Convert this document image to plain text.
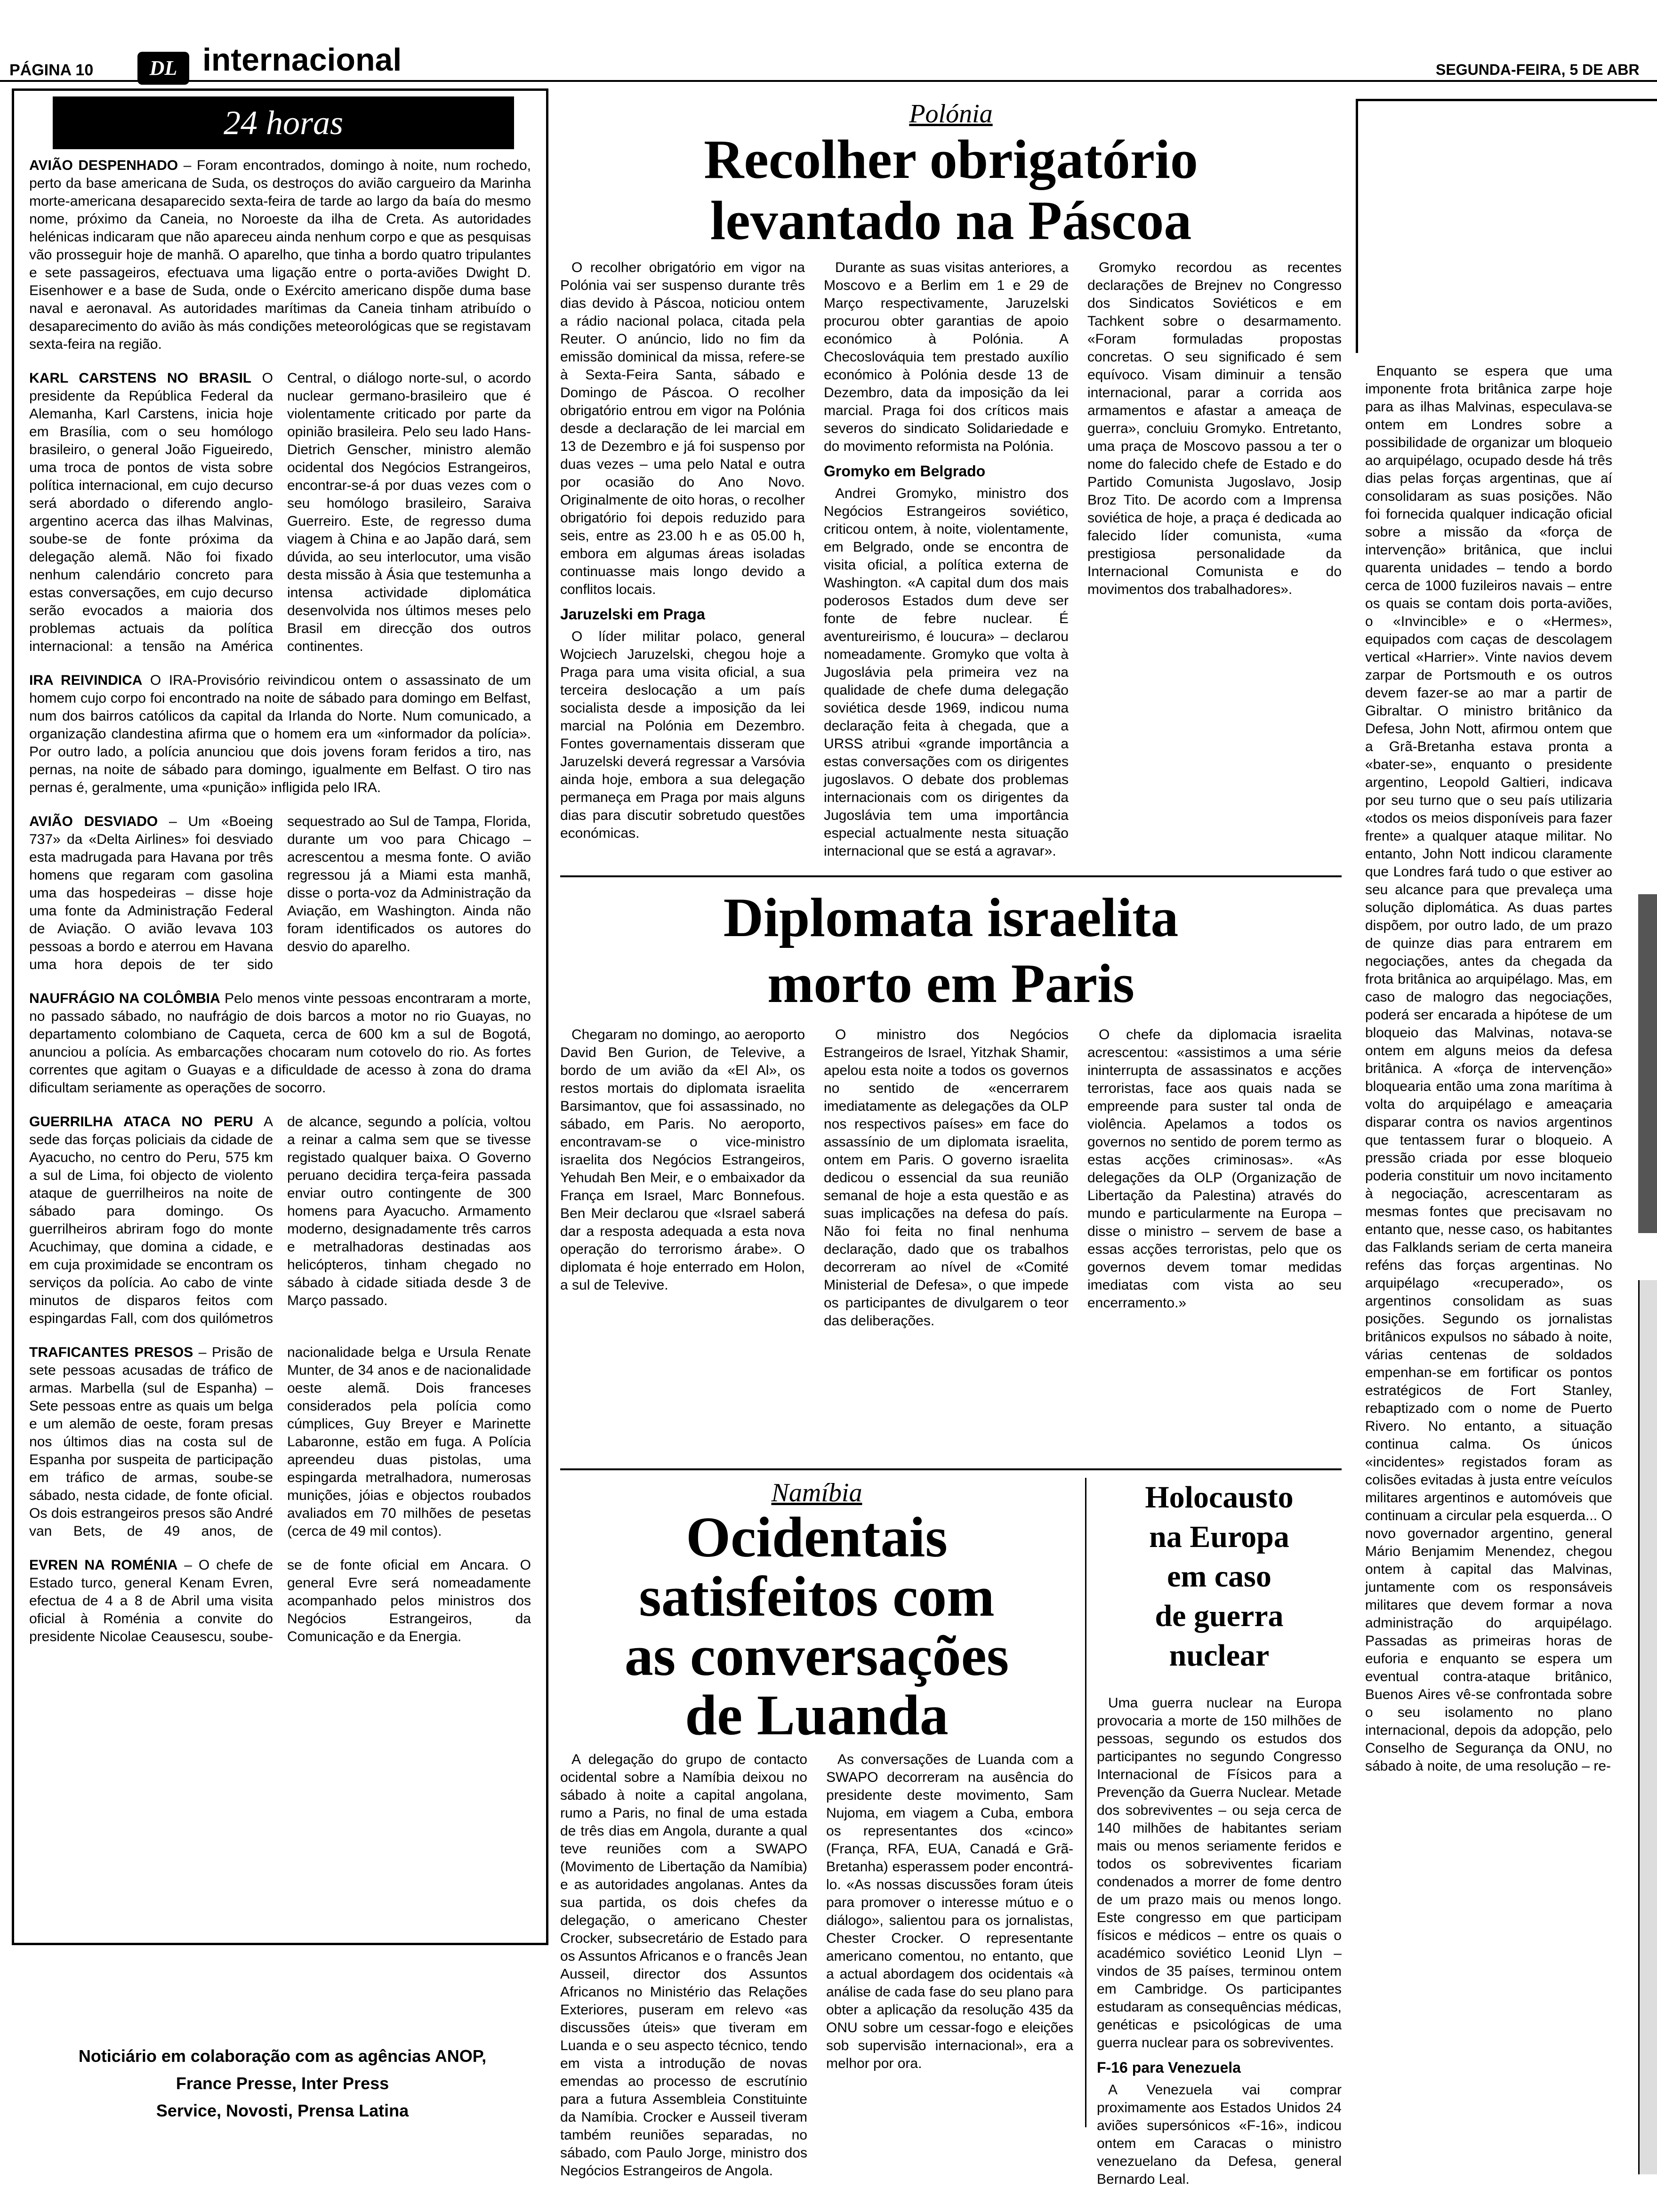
PÁGINA 10	DL internacional	SEGUNDA-FEIRA, 5 DE ABR
24 horas
AVIÃO DESPENHADO – Foram encontrados, domingo à noite, num rochedo, perto da base americana de Suda, os destroços do avião cargueiro da Marinha morte-americana desaparecido sexta-feira de tarde ao largo da baía do mesmo nome, próximo da Caneia, no Noroeste da ilha de Creta. As autoridades helénicas indicaram que não apareceu ainda nenhum corpo e que as pesquisas vão prosseguir hoje de manhã. O aparelho, que tinha a bordo quatro tripulantes e sete passageiros, efectuava uma ligação entre o porta-aviões Dwight D. Eisenhower e a base de Suda, onde o Exército americano dispõe duma base naval e aeronaval. As autoridades marítimas da Caneia tinham atribuído o desaparecimento do avião às más condições meteorológicas que se registavam sexta-feira na região.
KARL CARSTENS NO BRASIL O presidente da República Federal da Alemanha, Karl Carstens, inicia hoje em Brasília, com o seu homólogo brasileiro, o general João Figueiredo, uma troca de pontos de vista sobre política internacional, em cujo decurso será abordado o diferendo anglo-argentino acerca das ilhas Malvinas, soube-se de fonte próxima da delegação alemã. Não foi fixado nenhum calendário concreto para estas conversações, em cujo decurso serão evocados a maioria dos problemas actuais da política internacional: a tensão na América Central, o diálogo norte-sul, o acordo nuclear germano-brasileiro que é violentamente criticado por parte da opinião brasileira. Pelo seu lado Hans-Dietrich Genscher, ministro alemão ocidental dos Negócios Estrangeiros, encontrar-se-á por duas vezes com o seu homólogo brasileiro, Saraiva Guerreiro. Este, de regresso duma viagem à China e ao Japão dará, sem dúvida, ao seu interlocutor, uma visão desta missão à Ásia que testemunha a intensa actividade diplomática desenvolvida nos últimos meses pelo Brasil em direcção dos outros continentes.
IRA REIVINDICA O IRA-Provisório reivindicou ontem o assassinato de um homem cujo corpo foi encontrado na noite de sábado para domingo em Belfast, num dos bairros católicos da capital da Irlanda do Norte. Num comunicado, a organização clandestina afirma que o homem era um «informador da polícia». Por outro lado, a polícia anunciou que dois jovens foram feridos a tiro, nas pernas, na noite de sábado para domingo, igualmente em Belfast. O tiro nas pernas é, geralmente, uma «punição» infligida pelo IRA.
AVIÃO DESVIADO – Um «Boeing 737» da «Delta Airlines» foi desviado esta madrugada para Havana por três homens que regaram com gasolina uma das hospedeiras – disse hoje uma fonte da Administração Federal de Aviação. O avião levava 103 pessoas a bordo e aterrou em Havana uma hora depois de ter sido sequestrado ao Sul de Tampa, Florida, durante um voo para Chicago – acrescentou a mesma fonte. O avião regressou já a Miami esta manhã, disse o porta-voz da Administração da Aviação, em Washington. Ainda não foram identificados os autores do desvio do aparelho.
NAUFRÁGIO NA COLÔMBIA Pelo menos vinte pessoas encontraram a morte, no passado sábado, no naufrágio de dois barcos a motor no rio Guayas, no departamento colombiano de Caqueta, cerca de 600 km a sul de Bogotá, anunciou a polícia. As embarcações chocaram num cotovelo do rio. As fortes correntes que agitam o Guayas e a dificuldade de acesso à zona do drama dificultam seriamente as operações de socorro.
GUERRILHA ATACA NO PERU A sede das forças policiais da cidade de Ayacucho, no centro do Peru, 575 km a sul de Lima, foi objecto de violento ataque de guerrilheiros na noite de sábado para domingo. Os guerrilheiros abriram fogo do monte Acuchimay, que domina a cidade, e em cuja proximidade se encontram os serviços da polícia. Ao cabo de vinte minutos de disparos feitos com espingardas Fall, com dos quilómetros de alcance, segundo a polícia, voltou a reinar a calma sem que se tivesse registado qualquer baixa. O Governo peruano decidira terça-feira passada enviar outro contingente de 300 homens para Ayacucho. Armamento moderno, designadamente três carros e metralhadoras destinadas aos helicópteros, tinham chegado no sábado à cidade sitiada desde 3 de Março passado.
TRAFICANTES PRESOS – Prisão de sete pessoas acusadas de tráfico de armas. Marbella (sul de Espanha) – Sete pessoas entre as quais um belga e um alemão de oeste, foram presas nos últimos dias na costa sul de Espanha por suspeita de participação em tráfico de armas, soube-se sábado, nesta cidade, de fonte oficial. Os dois estrangeiros presos são André van Bets, de 49 anos, de nacionalidade belga e Ursula Renate Munter, de 34 anos e de nacionalidade oeste alemã. Dois franceses considerados pela polícia como cúmplices, Guy Breyer e Marinette Labaronne, estão em fuga. A Polícia apreendeu duas pistolas, uma espingarda metralhadora, numerosas munições, jóias e objectos roubados avaliados em 70 milhões de pesetas (cerca de 49 mil contos).
EVREN NA ROMÉNIA – O chefe de Estado turco, general Kenam Evren, efectua de 4 a 8 de Abril uma visita oficial à Roménia a convite do presidente Nicolae Ceausescu, soube-se de fonte oficial em Ancara. O general Evre será nomeadamente acompanhado pelos ministros dos Negócios Estrangeiros, da Comunicação e da Energia.
Noticiário em colaboração com as agências ANOP,
France Presse, Inter Press
Service, Novosti, Prensa Latina
Polónia
Recolher obrigatório
levantado na Páscoa

O recolher obrigatório em vigor na Polónia vai ser suspenso durante três dias devido à Páscoa, noticiou ontem a rádio nacional polaca, citada pela Reuter. O anúncio, lido no fim da emissão dominical da missa, refere-se à Sexta-Feira Santa, sábado e Domingo de Páscoa. O recolher obrigatório entrou em vigor na Polónia desde a declaração de lei marcial em 13 de Dezembro e já foi suspenso por duas vezes – uma pelo Natal e outra por ocasião do Ano Novo. Originalmente de oito horas, o recolher obrigatório foi depois reduzido para seis, entre as 23.00 h e as 05.00 h, embora em algumas áreas isoladas continuasse mais longo devido a conflitos locais.

Jaruzelski em Praga

O líder militar polaco, general Wojciech Jaruzelski, chegou hoje a Praga para uma visita oficial, a sua terceira deslocação a um país socialista desde a imposição da lei marcial na Polónia em Dezembro. Fontes governamentais disseram que Jaruzelski deverá regressar a Varsóvia ainda hoje, embora a sua delegação permaneça em Praga por mais alguns dias para discutir sobretudo questões económicas.

Durante as suas visitas anteriores, a Moscovo e a Berlim em 1 e 29 de Março respectivamente, Jaruzelski procurou obter garantias de apoio económico à Polónia. A Checoslováquia tem prestado auxílio económico à Polónia desde 13 de Dezembro, data da imposição da lei marcial. Praga foi dos críticos mais severos do sindicato Solidariedade e do movimento reformista na Polónia.

Gromyko em Belgrado

Andrei Gromyko, ministro dos Negócios Estrangeiros soviético, criticou ontem, à noite, violentamente, em Belgrado, onde se encontra de visita oficial, a política externa de Washington. «A capital dum dos mais poderosos Estados dum deve ser fonte de febre nuclear. É aventureirismo, é loucura» – declarou nomeadamente. Gromyko que volta à Jugoslávia pela primeira vez na qualidade de chefe duma delegação soviética desde 1969, indicou numa declaração feita à chegada, que a URSS atribui «grande importância a estas conversações com os dirigentes jugoslavos. O debate dos problemas internacionais com os dirigentes da Jugoslávia tem uma importância especial actualmente nesta situação internacional que se está a agravar».

Gromyko recordou as recentes declarações de Brejnev no Congresso dos Sindicatos Soviéticos e em Tachkent sobre o desarmamento. «Foram formuladas propostas concretas. O seu significado é sem equívoco. Visam diminuir a tensão internacional, parar a corrida aos armamentos e afastar a ameaça de guerra», concluiu Gromyko. Entretanto, uma praça de Moscovo passou a ter o nome do falecido chefe de Estado e do Partido Comunista Jugoslavo, Josip Broz Tito. De acordo com a Imprensa soviética de hoje, a praça é dedicada ao falecido líder comunista, «uma prestigiosa personalidade da Internacional Comunista e do movimentos dos trabalhadores».

Diplomata israelita
morto em Paris

Chegaram no domingo, ao aeroporto David Ben Gurion, de Televive, a bordo de um avião da «El Al», os restos mortais do diplomata israelita Barsimantov, que foi assassinado, no sábado, em Paris. No aeroporto, encontravam-se o vice-ministro israelita dos Negócios Estrangeiros, Yehudah Ben Meir, e o embaixador da França em Israel, Marc Bonnefous. Ben Meir declarou que «Israel saberá dar a resposta adequada a esta nova operação do terrorismo árabe». O diplomata é hoje enterrado em Holon, a sul de Televive.

O ministro dos Negócios Estrangeiros de Israel, Yitzhak Shamir, apelou esta noite a todos os governos no sentido de «encerrarem imediatamente as delegações da OLP nos respectivos países» em face do assassínio de um diplomata israelita, ontem em Paris. O governo israelita dedicou o essencial da sua reunião semanal de hoje a esta questão e as suas implicações na defesa do país. Não foi feita no final nenhuma declaração, dado que os trabalhos decorreram ao nível de «Comité Ministerial de Defesa», o que impede os participantes de divulgarem o teor das deliberações.

O chefe da diplomacia israelita acrescentou: «assistimos a uma série ininterrupta de assassinatos e acções terroristas, face aos quais nada se empreende para suster tal onda de violência. Apelamos a todos os governos no sentido de porem termo as estas acções criminosas». «As delegações da OLP (Organização de Libertação da Palestina) através do mundo e particularmente na Europa – disse o ministro – servem de base a essas acções terroristas, pelo que os governos devem tomar medidas imediatas com vista ao seu encerramento.»

Namíbia
Ocidentais
satisfeitos com
as conversações
de Luanda

A delegação do grupo de contacto ocidental sobre a Namíbia deixou no sábado à noite a capital angolana, rumo a Paris, no final de uma estada de três dias em Angola, durante a qual teve reuniões com a SWAPO (Movimento de Libertação da Namíbia) e as autoridades angolanas. Antes da sua partida, os dois chefes da delegação, o americano Chester Crocker, subsecretário de Estado para os Assuntos Africanos e o francês Jean Ausseil, director dos Assuntos Africanos no Ministério das Relações Exteriores, puseram em relevo «as discussões úteis» que tiveram em Luanda e o seu aspecto técnico, tendo em vista a introdução de novas emendas ao processo de escrutínio para a futura Assembleia Constituinte da Namíbia. Crocker e Ausseil tiveram também reuniões separadas, no sábado, com Paulo Jorge, ministro dos Negócios Estrangeiros de Angola.

As conversações de Luanda com a SWAPO decorreram na ausência do presidente deste movimento, Sam Nujoma, em viagem a Cuba, embora os representantes dos «cinco» (França, RFA, EUA, Canadá e Grã-Bretanha) esperassem poder encontrá-lo. «As nossas discussões foram úteis para promover o interesse mútuo e o diálogo», salientou para os jornalistas, Chester Crocker. O representante americano comentou, no entanto, que a actual abordagem dos ocidentais «à análise de cada fase do seu plano para obter a aplicação da resolução 435 da ONU sobre um cessar-fogo e eleições sob supervisão internacional», era a melhor por ora.

Holocausto
na Europa
em caso
de guerra
nuclear

Uma guerra nuclear na Europa provocaria a morte de 150 milhões de pessoas, segundo os estudos dos participantes no segundo Congresso Internacional de Físicos para a Prevenção da Guerra Nuclear. Metade dos sobreviventes – ou seja cerca de 140 milhões de habitantes seriam mais ou menos seriamente feridos e todos os sobreviventes ficariam condenados a morrer de fome dentro de um prazo mais ou menos longo. Este congresso em que participam físicos e médicos – entre os quais o académico soviético Leonid Llyn – vindos de 35 países, terminou ontem em Cambridge. Os participantes estudaram as consequências médicas, genéticas e psicológicas de uma guerra nuclear para os sobreviventes.

F-16 para Venezuela

A Venezuela vai comprar proximamente aos Estados Unidos 24 aviões supersónicos «F-16», indicou ontem em Caracas o ministro venezuelano da Defesa, general Bernardo Leal.

Enquanto se espera que uma imponente frota britânica zarpe hoje para as ilhas Malvinas, especulava-se ontem em Londres sobre a possibilidade de organizar um bloqueio ao arquipélago, ocupado desde há três dias pelas forças argentinas, que aí consolidaram as suas posições. Não foi fornecida qualquer indicação oficial sobre a missão da «força de intervenção» britânica, que inclui quarenta unidades – tendo a bordo cerca de 1000 fuzileiros navais – entre os quais se contam dois porta-aviões, o «Invincible» e o «Hermes», equipados com caças de descolagem vertical «Harrier». Vinte navios devem zarpar de Portsmouth e os outros devem fazer-se ao mar a partir de Gibraltar. O ministro britânico da Defesa, John Nott, afirmou ontem que a Grã-Bretanha estava pronta a «bater-se», enquanto o presidente argentino, Leopold Galtieri, indicava por seu turno que o seu país utilizaria «todos os meios disponíveis para fazer frente» a qualquer ataque militar. No entanto, John Nott indicou claramente que Londres fará tudo o que estiver ao seu alcance para que prevaleça uma solução diplomática. As duas partes dispõem, por outro lado, de um prazo de quinze dias para entrarem em negociações, antes da chegada da frota britânica ao arquipélago. Mas, em caso de malogro das negociações, poderá ser encarada a hipótese de um bloqueio das Malvinas, notava-se ontem em alguns meios da defesa britânica. A «força de intervenção» bloquearia então uma zona marítima à volta do arquipélago e ameaçaria disparar contra os navios argentinos que tentassem furar o bloqueio. A pressão criada por esse bloqueio poderia constituir um novo incitamento à negociação, acrescentaram as mesmas fontes que precisavam no entanto que, nesse caso, os habitantes das Falklands seriam de certa maneira reféns das forças argentinas. No arquipélago «recuperado», os argentinos consolidam as suas posições. Segundo os jornalistas britânicos expulsos no sábado à noite, várias centenas de soldados empenhan-se em fortificar os pontos estratégicos de Fort Stanley, rebaptizado com o nome de Puerto Rivero. No entanto, a situação continua calma. Os únicos «incidentes» registados foram as colisões evitadas à justa entre veículos militares argentinos e automóveis que continuam a circular pela esquerda... O novo governador argentino, general Mário Benjamim Menendez, chegou ontem à capital das Malvinas, juntamente com os responsáveis militares que devem formar a nova administração do arquipélago. Passadas as primeiras horas de euforia e enquanto se espera um eventual contra-ataque britânico, Buenos Aires vê-se confrontada sobre o seu isolamento no plano internacional, depois da adopção, pelo Conselho de Segurança da ONU, no sábado à noite, de uma resolução – re-
